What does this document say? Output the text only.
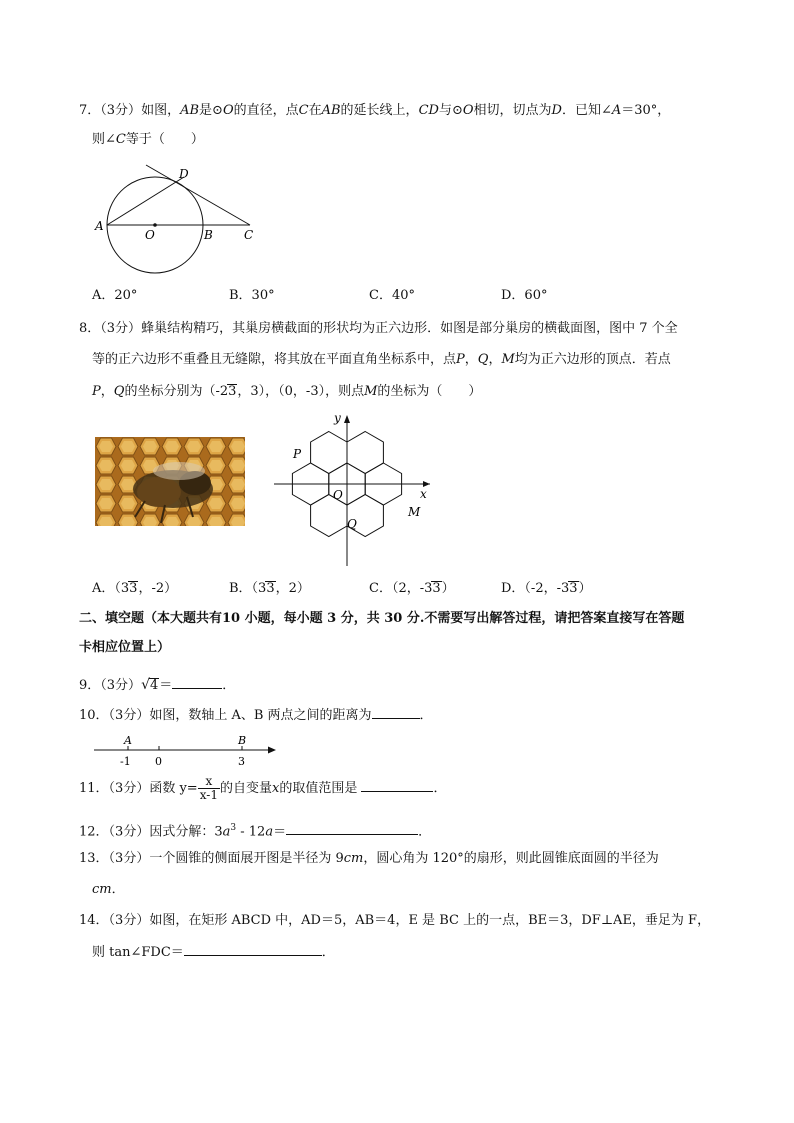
7．（3分）如图，AB是⊙O的直径，点C在AB的延长线上，CD与⊙O相切，切点为D．已知∠A＝30°，
则∠C等于（　　）
A
O	B	C
D
A．20°	B．30°	C．40°	D．60°
8．（3分）蜂巢结构精巧，其巢房横截面的形状均为正六边形．如图是部分巢房的横截面图，图中 7 个全
等的正六边形不重叠且无缝隙，将其放在平面直角坐标系中，点P，Q，M均为正六边形的顶点．若点
P，Q的坐标分别为（-23，3），（0，-3），则点M的坐标为（　　）
y
x
O
P
Q
M
A．（33，-2）	B．（33，2）	C．（2，-33）	D．（-2，-33）
二、填空题（本大题共有10 小题，每小题 3 分，共 30 分.不需要写出解答过程，请把答案直接写在答题
卡相应位置上）
9．（3分）√4＝	．
10．（3分）如图，数轴上 A、B 两点之间的距离为	．
A	B
-1 0	3
11．（3分）函数 $y= \frac{x}{x-1}$ 的自变量x的取值范围是	．
12．（3分）因式分解：$3a^3 - 12a=$	．
13．（3分）一个圆锥的侧面展开图是半径为 9cm，圆心角为 120°的扇形，则此圆锥底面圆的半径为
cm．
14．（3分）如图，在矩形 ABCD 中，AD＝5，AB＝4，E 是 BC 上的一点，BE＝3，DF⊥AE，垂足为 F，
则 tan∠FDC＝	．
